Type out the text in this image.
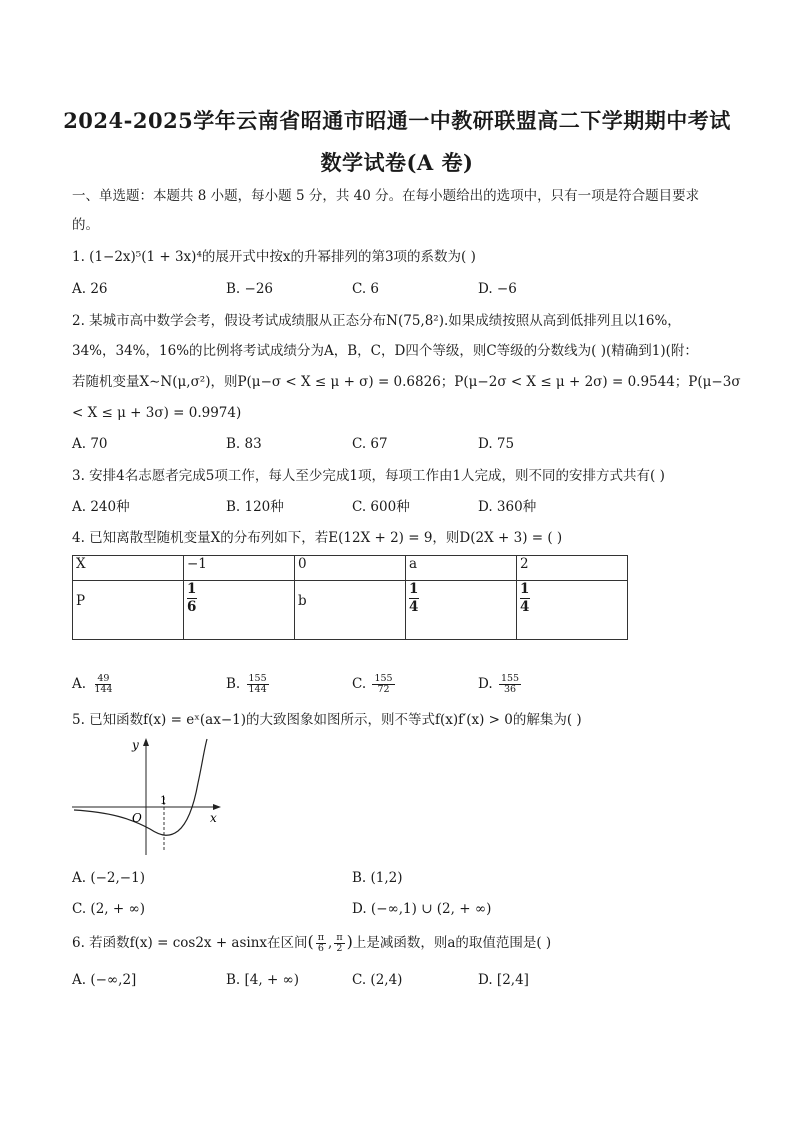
2024-2025学年云南省昭通市昭通一中教研联盟高二下学期期中考试
数学试卷(A 卷)
一、单选题：本题共 8 小题，每小题 5 分，共 40 分。在每小题给出的选项中，只有一项是符合题目要求
的。
1. (1−2x)⁵(1 + 3x)⁴的展开式中按x的升幂排列的第3项的系数为( )
A. 26	B. −26	C. 6	D. −6
2. 某城市高中数学会考，假设考试成绩服从正态分布N(75,8²).如果成绩按照从高到低排列且以16%，
34%，34%，16%的比例将考试成绩分为A，B，C，D四个等级，则C等级的分数线为( )(精确到1)(附：
若随机变量X∼N(μ,σ²)，则P(μ−σ < X ≤ μ + σ) = 0.6826；P(μ−2σ < X ≤ μ + 2σ) = 0.9544；P(μ−3σ
< X ≤ μ + 3σ) = 0.9974)
A. 70	B. 83	C. 67	D. 75
3. 安排4名志愿者完成5项工作，每人至少完成1项，每项工作由1人完成，则不同的安排方式共有( )
A. 240种	B. 120种	C. 600种	D. 360种
4. 已知离散型随机变量X的分布列如下，若E(12X + 2) = 9，则D(2X + 3) = ( )
X	−1	0	a	2
P	$\frac{1}{6}$	b	$\frac{1}{4}$	$\frac{1}{4}$
A. $\frac{49}{144}$	B. $\frac{155}{144}$	C. $\frac{155}{72}$	D. $\frac{155}{36}$
5. 已知函数f(x) = eˣ(ax−1)的大致图象如图所示，则不等式f(x)f′(x) > 0的解集为( )
y
x
O
1
A. (−2,−1)	B. (1,2)
C. (2, + ∞)	D. (−∞,1) ∪ (2, + ∞)
6. 若函数f(x) = cos2x + asinx在区间( $\frac{\pi}{6}$ , $\frac{\pi}{2}$ )上是减函数，则a的取值范围是( )
A. (−∞,2]	B. [4, + ∞)	C. (2,4)	D. [2,4]
